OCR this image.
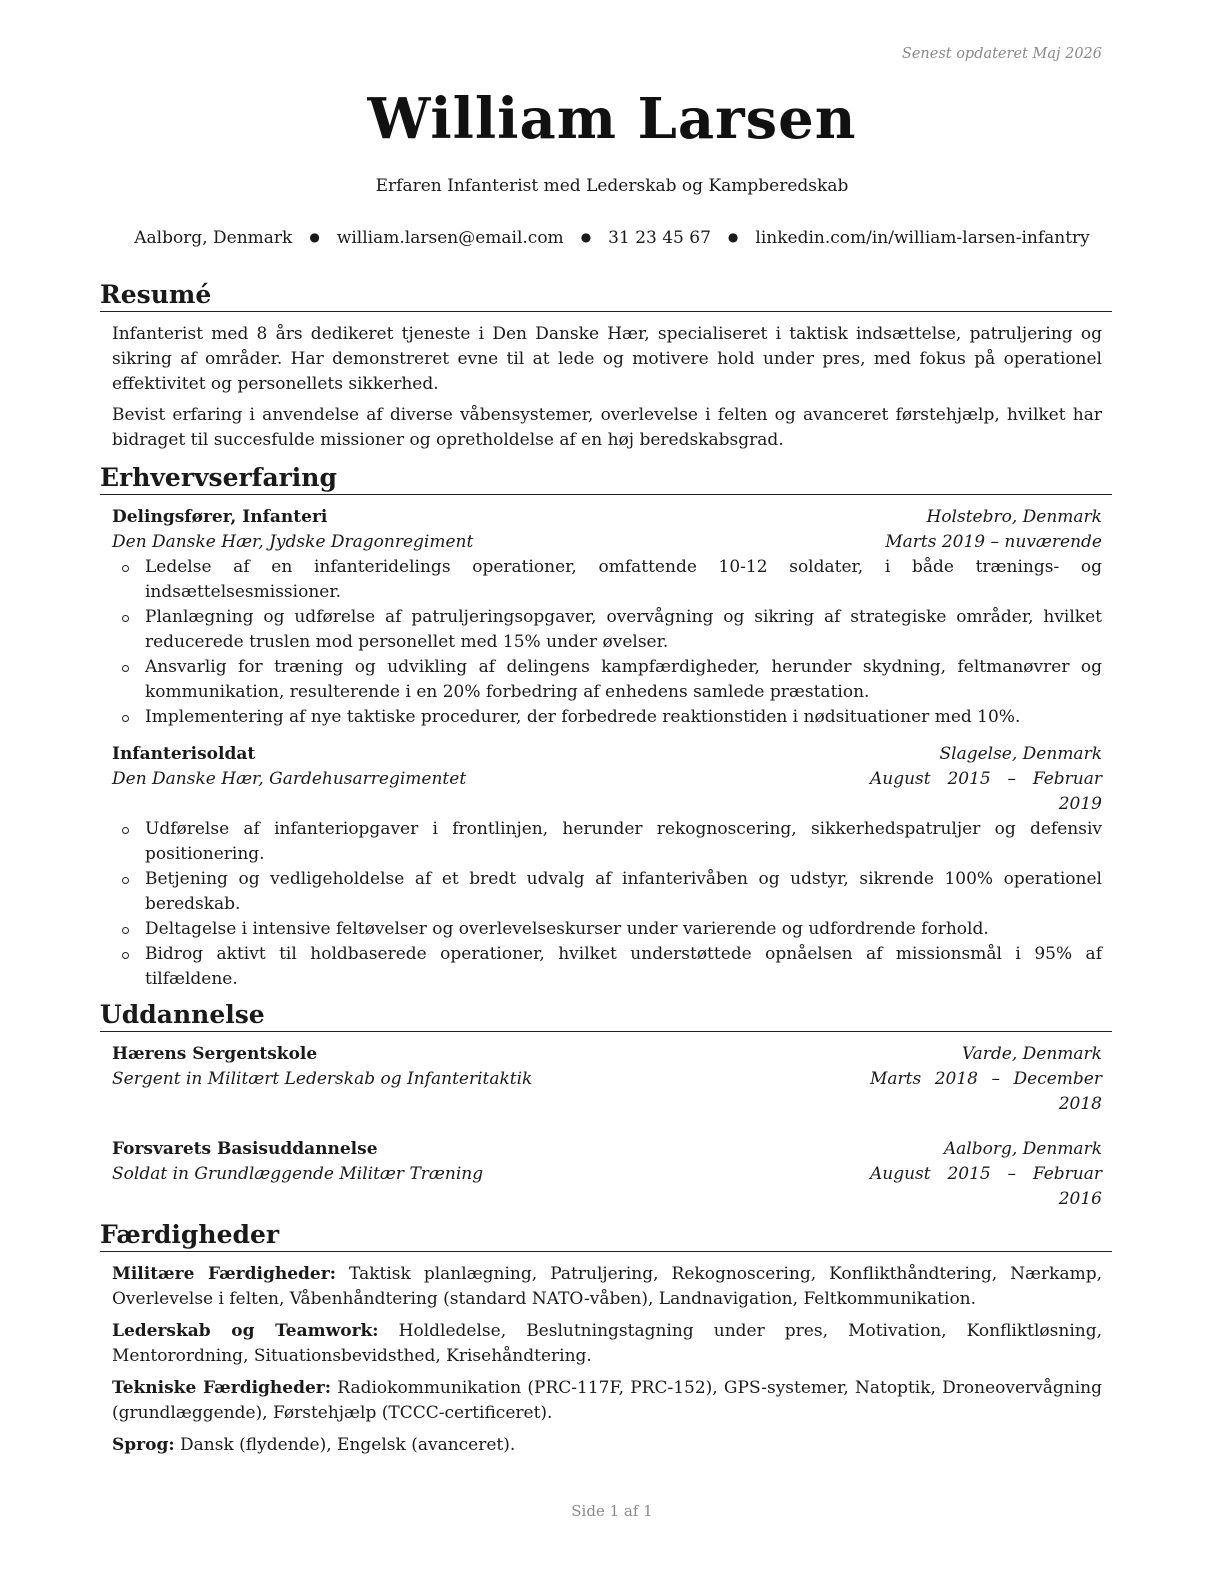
Senest opdateret Maj 2026
William Larsen
Erfaren Infanterist med Lederskab og Kampberedskab
Aalborg, Denmark ● william.larsen@email.com ● 31 23 45 67 ● linkedin.com/in/william-larsen-infantry
Resumé

Infanterist med 8 års dedikeret tjeneste i Den Danske Hær, specialiseret i taktisk indsættelse, patruljering og sikring af områder. Har demonstreret evne til at lede og motivere hold under pres, med fokus på operationel effektivitet og personellets sikkerhed.

Bevist erfaring i anvendelse af diverse våbensystemer, overlevelse i felten og avanceret førstehjælp, hvilket har bidraget til succesfulde missioner og opretholdelse af en høj beredskabsgrad.

Erhvervserfaring
Delingsfører, Infanteri	Holstebro, Denmark
Den Danske Hær, Jydske Dragonregiment	Marts 2019 – nuværende
Ledelse af en infanteridelings operationer, omfattende 10-12 soldater, i både trænings- og indsættelsesmissioner.
Planlægning og udførelse af patruljeringsopgaver, overvågning og sikring af strategiske områder, hvilket reducerede truslen mod personellet med 15% under øvelser.
Ansvarlig for træning og udvikling af delingens kampfærdigheder, herunder skydning, feltmanøvrer og kommunikation, resulterende i en 20% forbedring af enhedens samlede præstation.
Implementering af nye taktiske procedurer, der forbedrede reaktionstiden i nødsituationer med 10%.
Infanterisoldat	Slagelse, Denmark
Den Danske Hær, Gardehusarregimentet	August 2015 – Februar 2019
Udførelse af infanteriopgaver i frontlinjen, herunder rekognoscering, sikkerhedspatruljer og defensiv positionering.
Betjening og vedligeholdelse af et bredt udvalg af infanterivåben og udstyr, sikrende 100% operationel beredskab.
Deltagelse i intensive feltøvelser og overlevelseskurser under varierende og udfordrende forhold.
Bidrog aktivt til holdbaserede operationer, hvilket understøttede opnåelsen af missionsmål i 95% af tilfældene.
Uddannelse
Hærens Sergentskole	Varde, Denmark
Sergent in Militært Lederskab og Infanteritaktik	Marts 2018 – December 2018
Forsvarets Basisuddannelse	Aalborg, Denmark
Soldat in Grundlæggende Militær Træning	August 2015 – Februar 2016
Færdigheder
Militære Færdigheder: Taktisk planlægning, Patruljering, Rekognoscering, Konflikthåndtering, Nærkamp, Overlevelse i felten, Våbenhåndtering (standard NATO-våben), Landnavigation, Feltkommunikation.
Lederskab og Teamwork: Holdledelse, Beslutningstagning under pres, Motivation, Konfliktløsning, Mentorordning, Situationsbevidsthed, Krisehåndtering.
Tekniske Færdigheder: Radiokommunikation (PRC-117F, PRC-152), GPS-systemer, Natoptik, Droneovervågning (grundlæggende), Førstehjælp (TCCC-certificeret).
Sprog: Dansk (flydende), Engelsk (avanceret).
Side 1 af 1
